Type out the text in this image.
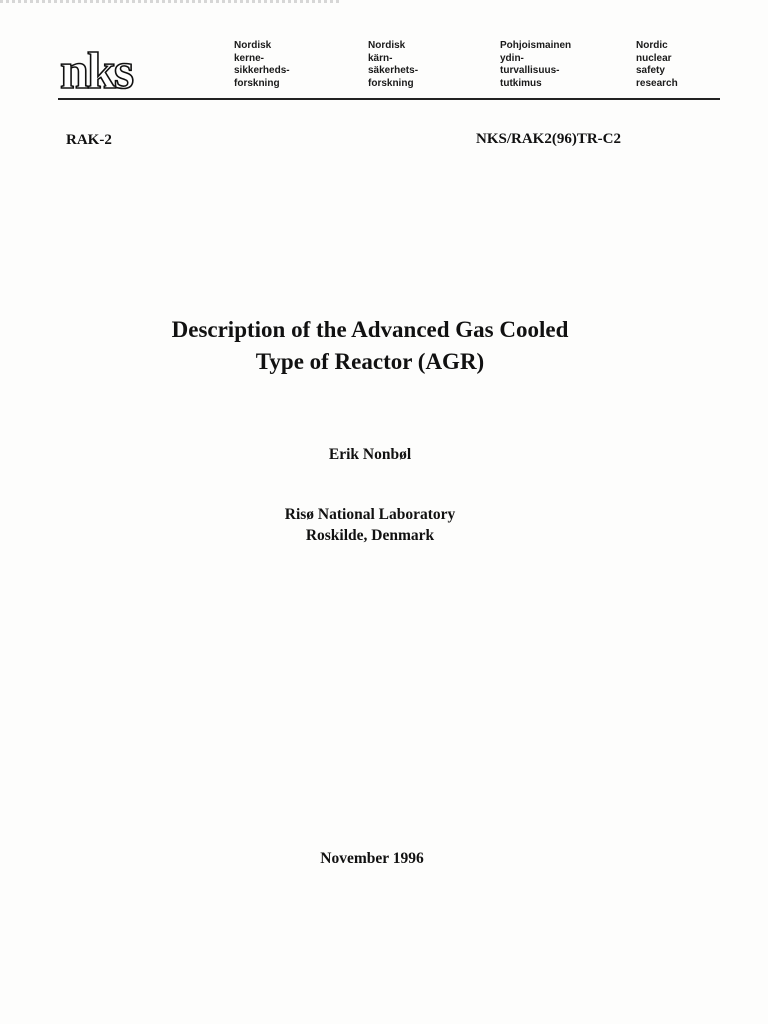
nks	Nordisk
kerne-
sikkerheds-
forskning
Nordisk
kärn-
säkerhets-
forskning
Pohjoismainen
ydin-
turvallisuus-
tutkimus
Nordic
nuclear
safety
research
RAK-2	NKS/RAK2(96)TR-C2
Description of the Advanced Gas Cooled
Type of Reactor (AGR)
Erik Nonbøl
Risø National Laboratory
Roskilde, Denmark
November 1996
